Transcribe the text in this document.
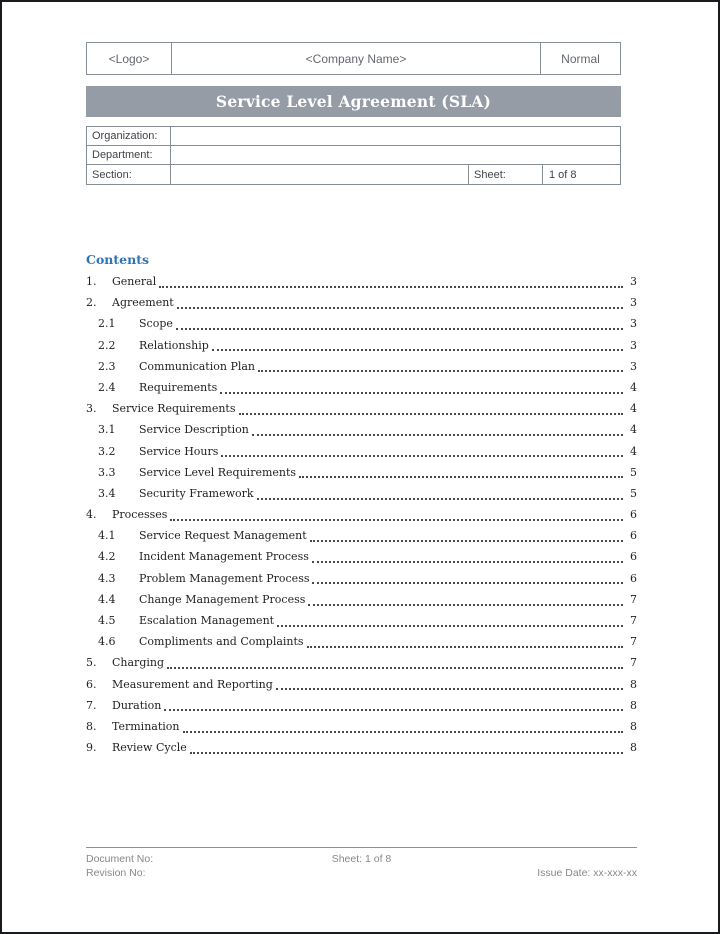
<Logo>	<Company Name>	Normal
Service Level Agreement (SLA)
Organization:
Department:
Section:	Sheet:	1 of 8
Contents
1.	General	3
2.	Agreement	3
2.1	Scope	3
2.2	Relationship	3
2.3	Communication Plan	3
2.4	Requirements	4
3.	Service Requirements	4
3.1	Service Description	4
3.2	Service Hours	4
3.3	Service Level Requirements	5
3.4	Security Framework	5
4.	Processes	6
4.1	Service Request Management	6
4.2	Incident Management Process	6
4.3	Problem Management Process	6
4.4	Change Management Process	7
4.5	Escalation Management	7
4.6	Compliments and Complaints	7
5.	Charging	7
6.	Measurement and Reporting	8
7.	Duration	8
8.	Termination	8
9.	Review Cycle	8
Document No:	Sheet: 1 of 8
Revision No:	Issue Date: xx-xxx-xx
